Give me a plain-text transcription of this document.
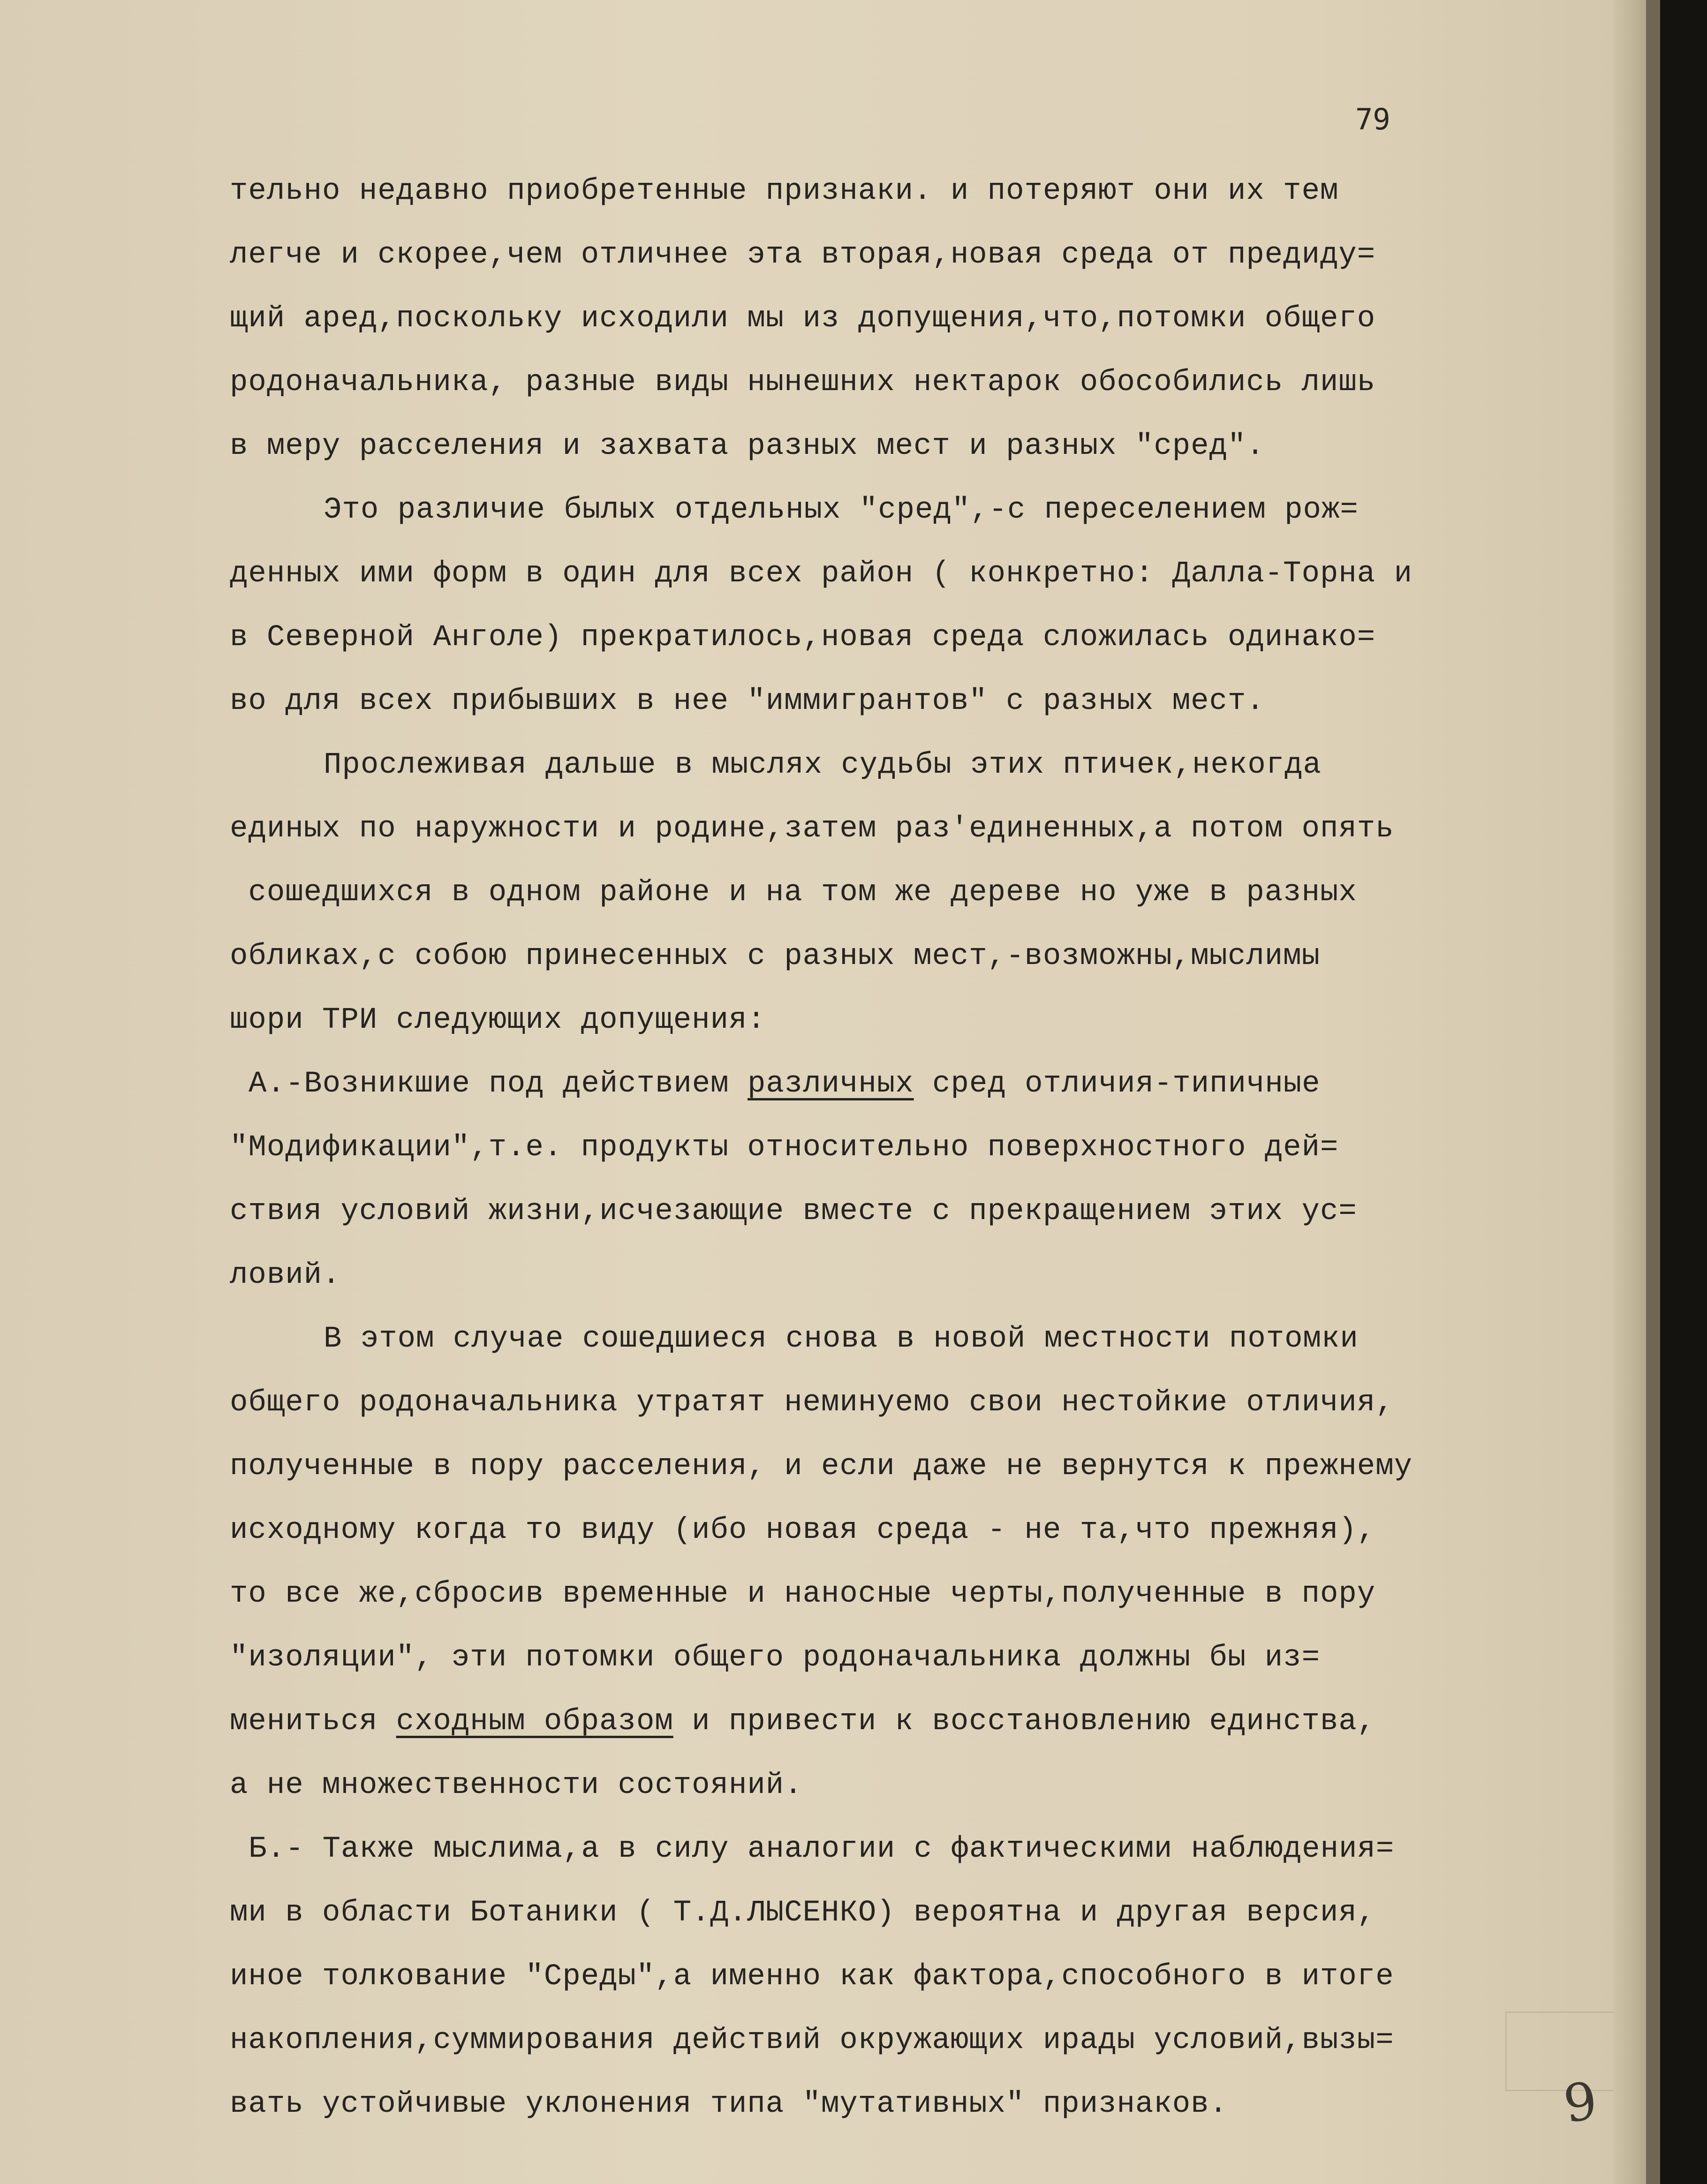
79
тельно недавно приобретенные признаки. и потеряют они их тем
легче и скорее,чем отличнее эта вторая,новая среда от предиду=
щий аред,поскольку исходили мы из допущения,что,потомки общего
родоначальника, разные виды нынешних нектарок обособились лишь
в меру расселения и захвата разных мест и разных "сред".
Это различие былых отдельных "сред",-с переселением рож=
денных ими форм в один для всех район ( конкретно: Далла-Торна и
в Северной Анголе) прекратилось,новая среда сложилась одинако=
во для всех прибывших в нее "иммигрантов" с разных мест.
Прослеживая дальше в мыслях судьбы этих птичек,некогда
единых по наружности и родине,затем раз'единенных,а потом опять
сошедшихся в одном районе и на том же дереве но уже в разных
обликах,с собою принесенных с разных мест,-возможны,мыслимы
шори ТРИ следующих допущения:
А.-Возникшие под действием различных сред отличия-типичные
"Модификации",т.е. продукты относительно поверхностного дей=
ствия условий жизни,исчезающие вместе с прекращением этих ус=
ловий.
В этом случае сошедшиеся снова в новой местности потомки
общего родоначальника утратят неминуемо свои нестойкие отличия,
полученные в пору расселения, и если даже не вернутся к прежнему
исходному когда то виду (ибо новая среда - не та,что прежняя),
то все же,сбросив временные и наносные черты,полученные в пору
"изоляции", эти потомки общего родоначальника должны бы из=
мениться сходным образом и привести к восстановлению единства,
а не множественности состояний.
Б.- Также мыслима,а в силу аналогии с фактическими наблюдения=
ми в области Ботаники ( Т.Д.ЛЫСЕНКО) вероятна и другая версия,
иное толкование "Среды",а именно как фактора,способного в итоге
накопления,суммирования действий окружающих ирады условий,вызы=
вать устойчивые уклонения типа "мутативных" признаков.	9
